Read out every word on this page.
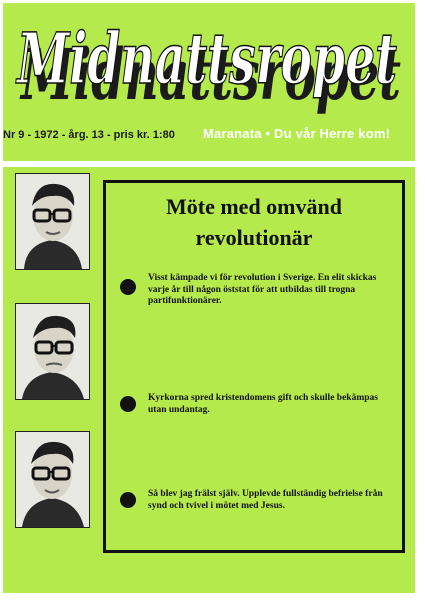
Midnattsropet
Midnattsropet
Nr 9 - 1972 - årg. 13 - pris kr. 1:80 Maranata • Du vår Herre kom!
Möte med omvänd revolutionär
Visst kämpade vi för revolution i Sverige. En elit skickas varje år till någon öststat för att utbildas till trogna partifunktionärer.
Kyrkorna spred kristendomens gift och skulle bekämpas utan undantag.
Så blev jag frälst själv. Upplevde fullständig befrielse från synd och tvivel i mötet med Jesus.
